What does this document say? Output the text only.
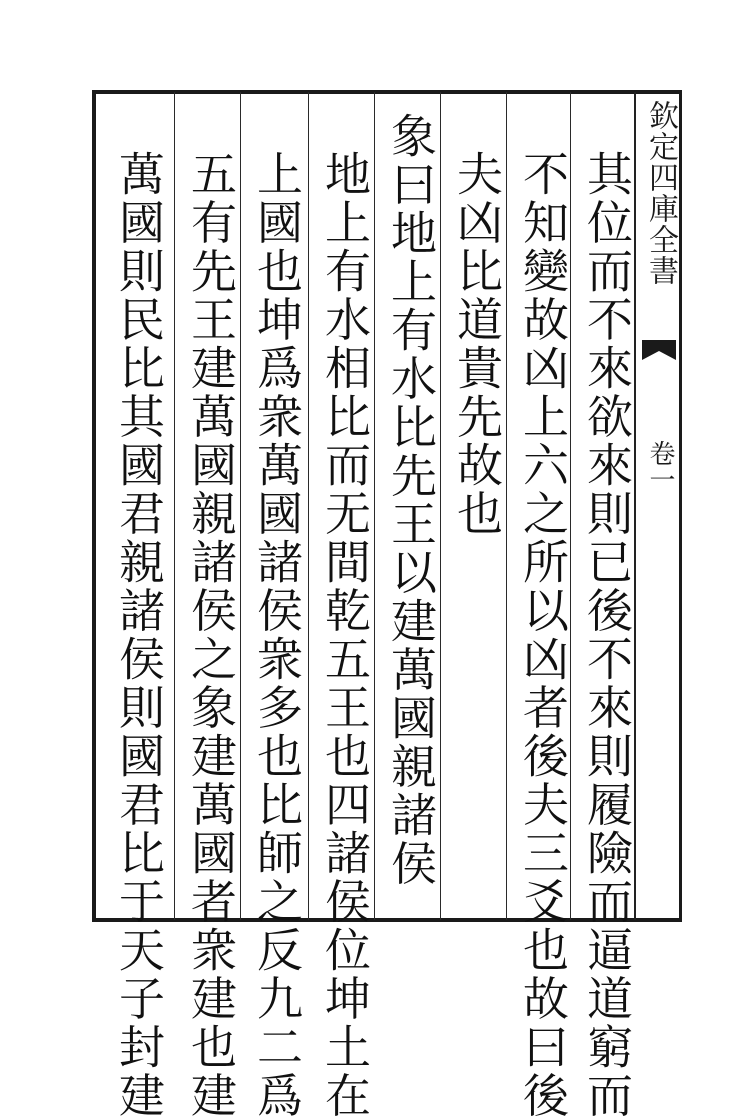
欽定四庫全書
卷一
其位而不來欲來則已後不來則履險而逼道窮而
不知變故凶上六之所以凶者後夫三爻也故曰後
夫凶比道貴先故也
象曰地上有水比先王以建萬國親諸侯
地上有水相比而无間乾五王也四諸侯位坤土在
上國也坤爲衆萬國諸侯衆多也比師之反九二爲
五有先王建萬國親諸侯之象建萬國者衆建也建
萬國則民比其國君親諸侯則國君比于天子封建
